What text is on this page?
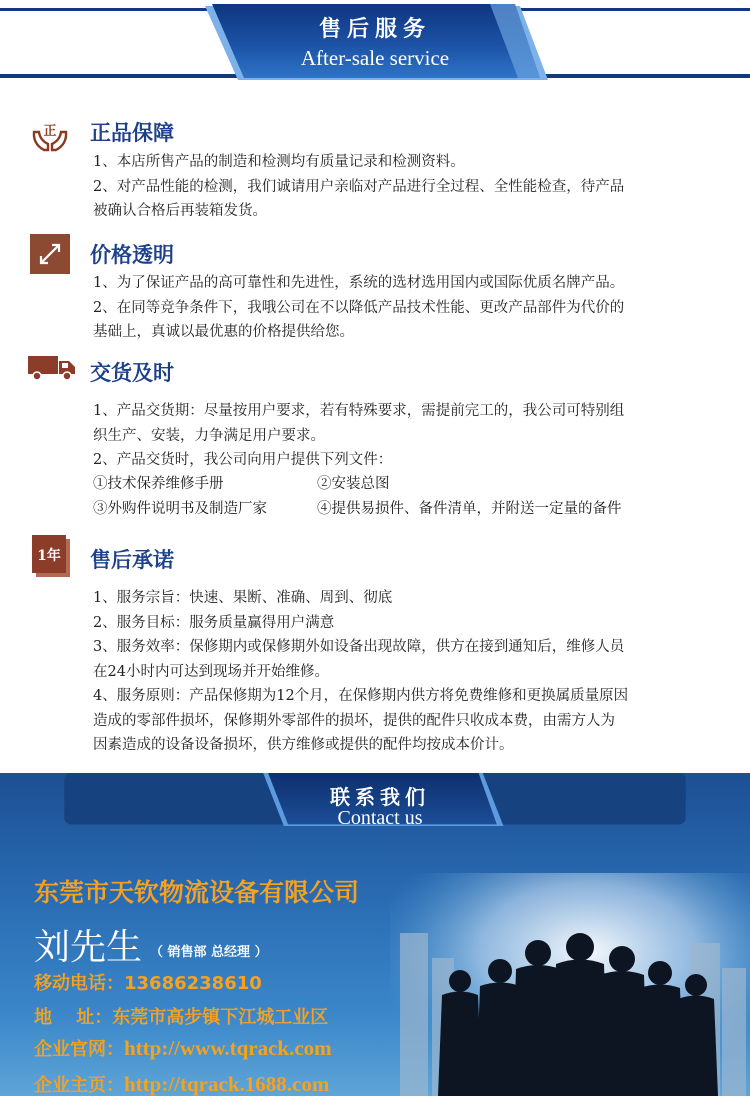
售后服务
After-sale service
正 正品保障
1、本店所售产品的制造和检测均有质量记录和检测资料。
2、对产品性能的检测，我们诚请用户亲临对产品进行全过程、全性能检查，待产品
被确认合格后再装箱发货。
价格透明
1、为了保证产品的高可靠性和先进性，系统的选材选用国内或国际优质名牌产品。
2、在同等竞争条件下，我哦公司在不以降低产品技术性能、更改产品部件为代价的
基础上，真诚以最优惠的价格提供给您。
交货及时
1、产品交货期：尽量按用户要求，若有特殊要求，需提前完工的，我公司可特别组
织生产、安装，力争满足用户要求。
2、产品交货时，我公司向用户提供下列文件：
①技术保养维修手册	②安装总图
③外购件说明书及制造厂家	④提供易损件、备件清单，并附送一定量的备件
1年 售后承诺
1、服务宗旨：快速、果断、准确、周到、彻底
2、服务目标：服务质量赢得用户满意
3、服务效率：保修期内或保修期外如设备出现故障，供方在接到通知后，维修人员
在24小时内可达到现场并开始维修。
4、服务原则：产品保修期为12个月，在保修期内供方将免费维修和更换属质量原因
造成的零部件损坏，保修期外零部件的损坏，提供的配件只收成本费，由需方人为
因素造成的设备设备损坏，供方维修或提供的配件均按成本价计。
联系我们
Contact us
东莞市天钦物流设备有限公司
刘先生 （ 销售部 总经理 ）
移动电话：13686238610
地　 址：东莞市高步镇下江城工业区
企业官网：http://www.tqrack.com
企业主页：http://tqrack.1688.com
